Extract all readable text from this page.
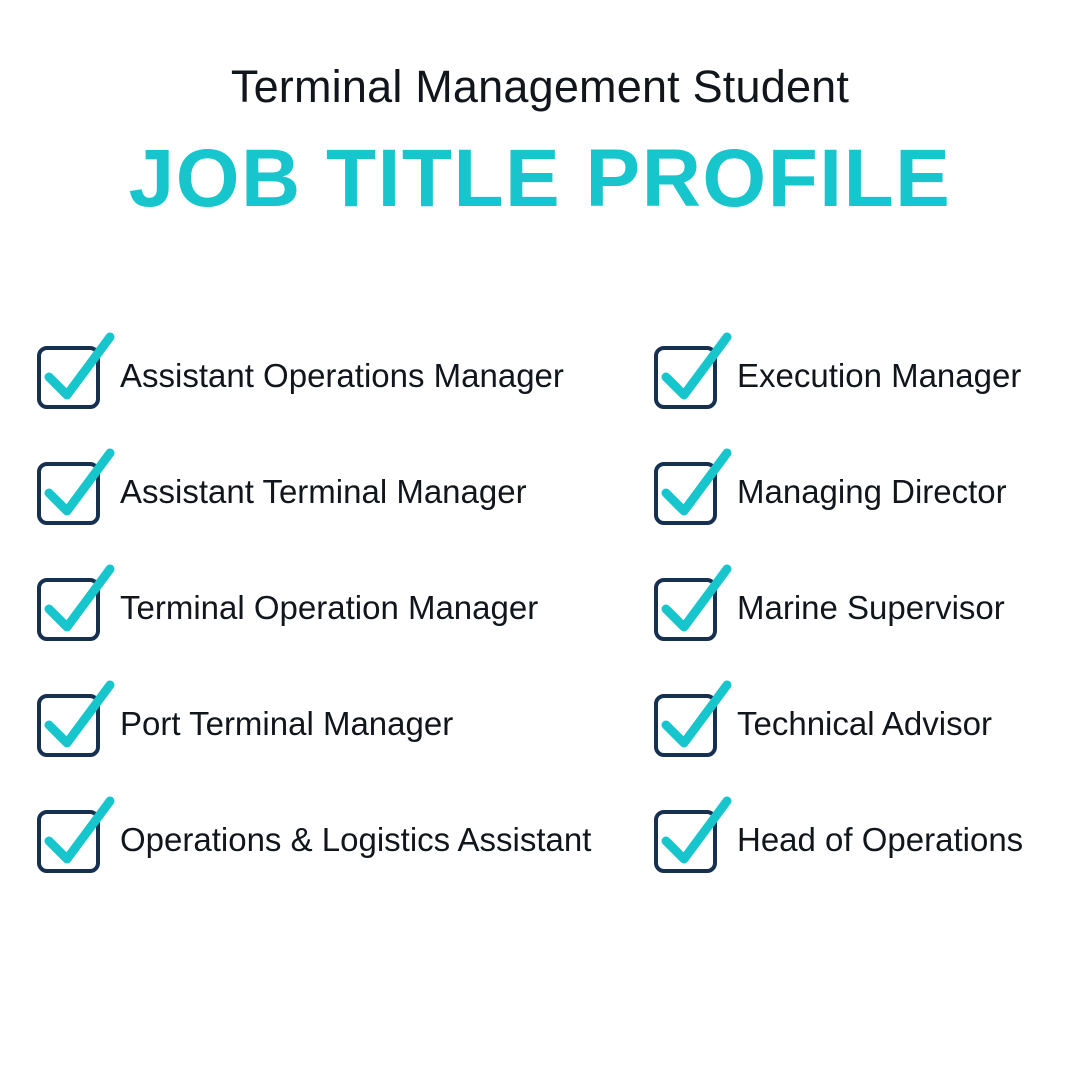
Terminal Management Student
JOB TITLE PROFILE
Assistant Operations Manager
Assistant Terminal Manager
Terminal Operation Manager
Port Terminal Manager
Operations & Logistics Assistant
Execution Manager
Managing Director
Marine Supervisor
Technical Advisor
Head of Operations
